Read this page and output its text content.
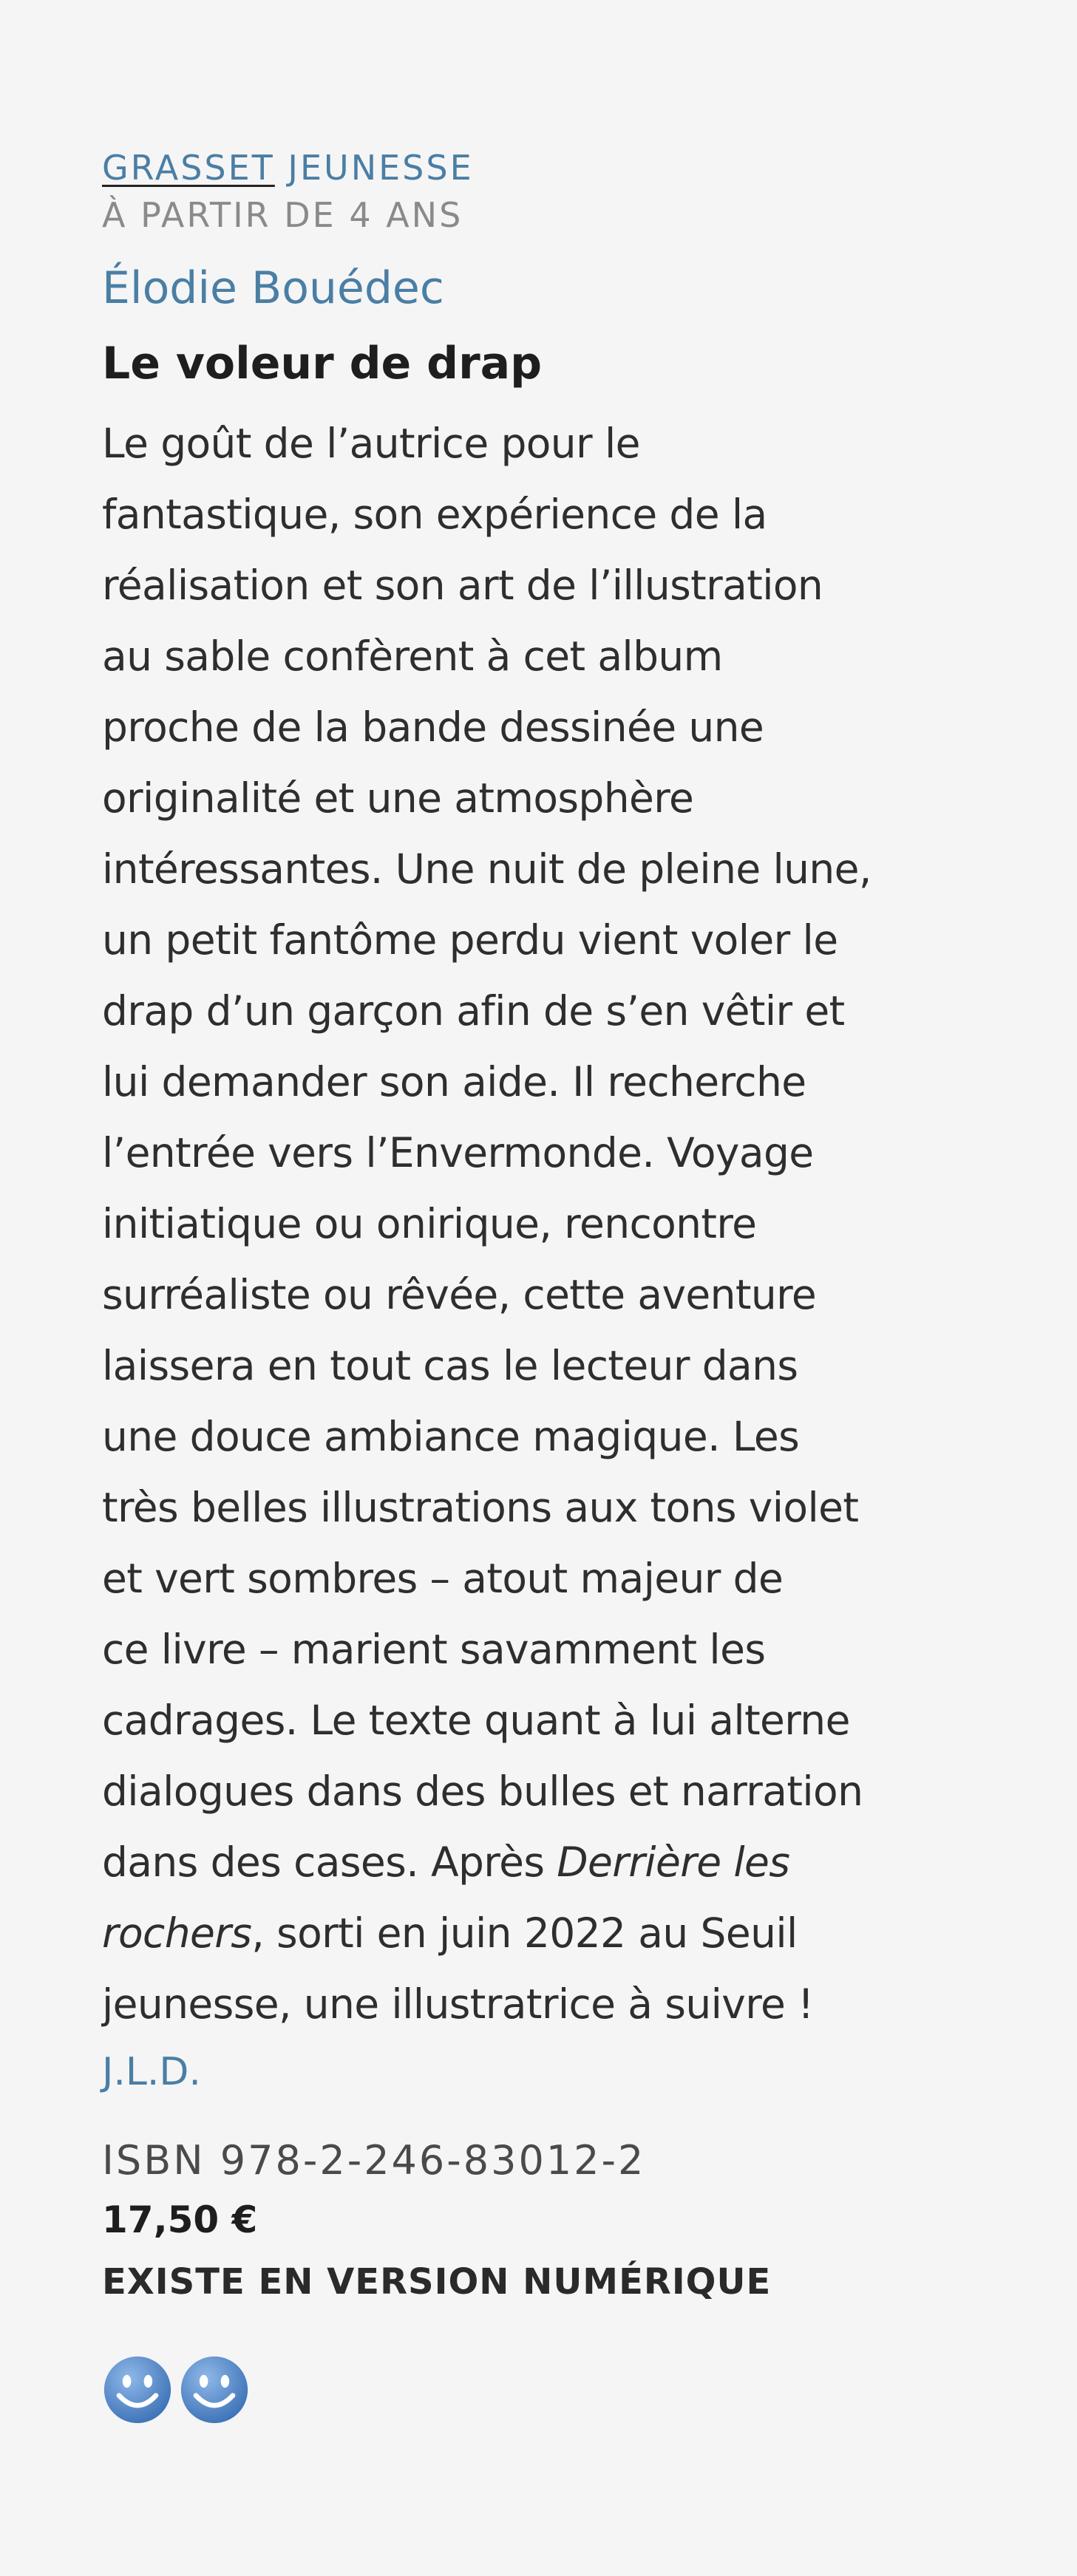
GRASSET JEUNESSE
À PARTIR DE 4 ANS
Élodie Bouédec
Le voleur de drap
Le goût de l’autrice pour le
fantastique, son expérience de la
réalisation et son art de l’illustration
au sable confèrent à cet album
proche de la bande dessinée une
originalité et une atmosphère
intéressantes. Une nuit de pleine lune,
un petit fantôme perdu vient voler le
drap d’un garçon afin de s’en vêtir et
lui demander son aide. Il recherche
l’entrée vers l’Envermonde. Voyage
initiatique ou onirique, rencontre
surréaliste ou rêvée, cette aventure
laissera en tout cas le lecteur dans
une douce ambiance magique. Les
très belles illustrations aux tons violet
et vert sombres – atout majeur de
ce livre – marient savamment les
cadrages. Le texte quant à lui alterne
dialogues dans des bulles et narration
dans des cases. Après Derrière les
rochers, sorti en juin 2022 au Seuil
jeunesse, une illustratrice à suivre !
J.L.D.
ISBN 978-2-246-83012-2
17,50 €
EXISTE EN VERSION NUMÉRIQUE
